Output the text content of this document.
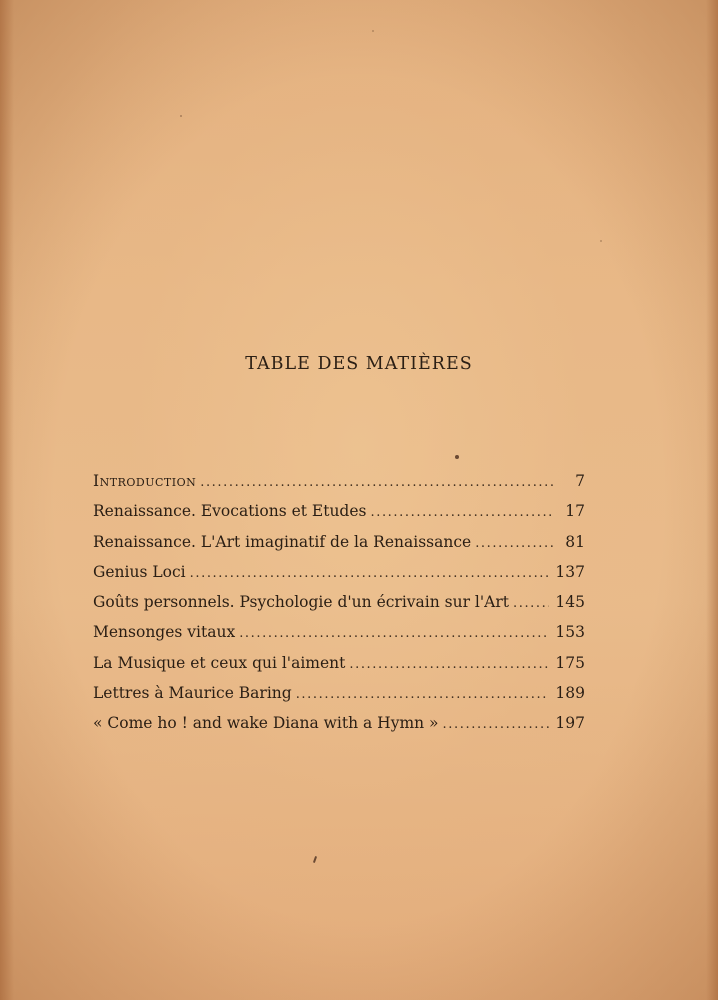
TABLE DES MATIÈRES
Introduction .....	7
Renaissance. Evocations et Etudes .....	17
Renaissance. L'Art imaginatif de la Renaissance .....	81
Genius Loci .....	137
Goûts personnels. Psychologie d'un écrivain sur l'Art .....	145
Mensonges vitaux .....	153
La Musique et ceux qui l'aiment .....	175
Lettres à Maurice Baring .....	189
« Come ho ! and wake Diana with a Hymn » .....	197
